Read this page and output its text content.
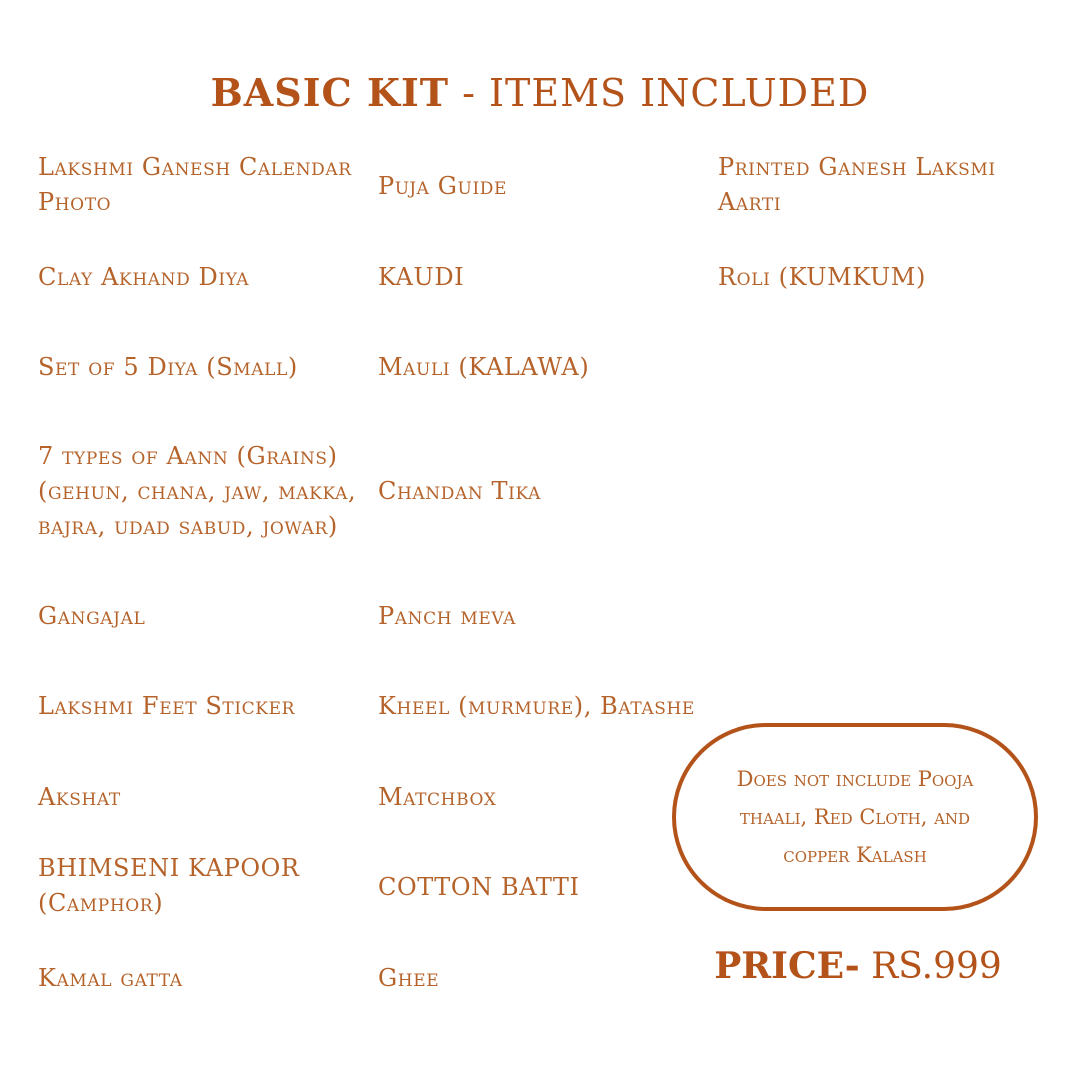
BASIC KIT - ITEMS INCLUDED
Lakshmi Ganesh Calendar Photo
Clay Akhand Diya
Set of 5 Diya (Small)
7 types of Aann (Grains) (gehun, chana, jaw, makka, bajra, udad sabud, jowar)
Gangajal
Lakshmi Feet Sticker
Akshat
BHIMSENI KAPOOR (Camphor)
Kamal gatta
Puja Guide
KAUDI
Mauli (KALAWA)
Chandan Tika
Panch meva
Kheel (murmure), Batashe
Matchbox
COTTON BATTI
Ghee
Printed Ganesh Laksmi Aarti
Roli (KUMKUM)
Does not include Pooja thaali, Red Cloth, and copper Kalash
PRICE- RS.999
